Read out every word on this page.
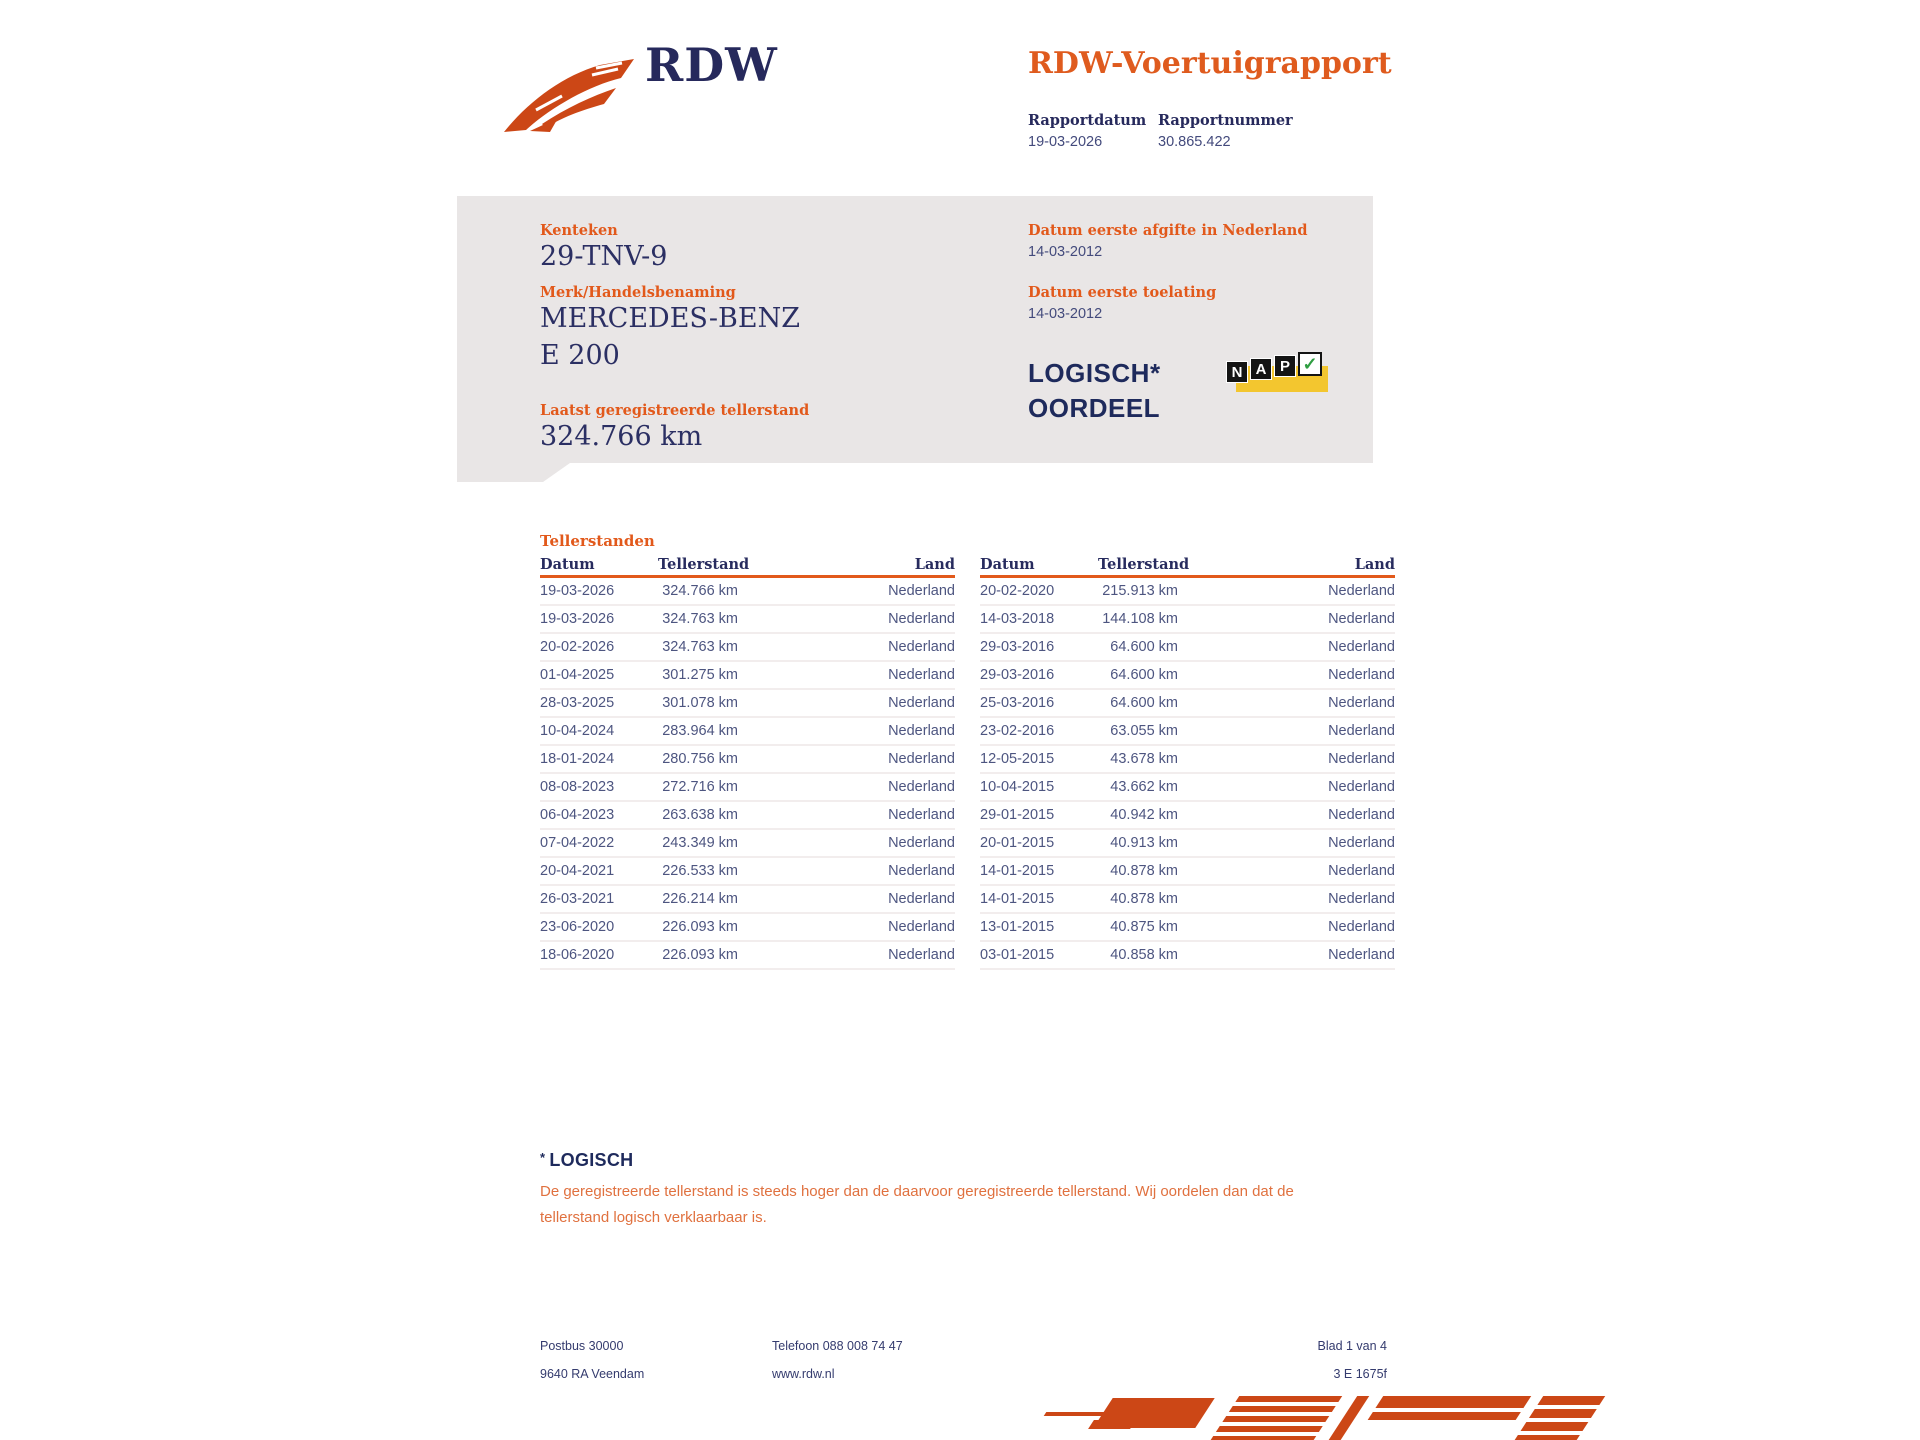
RDW	RDW-Voertuigrapport
Rapportdatum Rapportnummer
19-03-2026	30.865.422
Kenteken
29-TNV-9
Merk/Handelsbenaming
MERCEDES-BENZ E 200
Laatst geregistreerde tellerstand
324.766 km
Datum eerste afgifte in Nederland
14-03-2012
Datum eerste toelating
14-03-2012
LOGISCH*
OORDEEL
N A P ✓
Tellerstanden
Datum	Tellerstand	Land
19-03-2026	324.766 km	Nederland
19-03-2026	324.763 km	Nederland
20-02-2026	324.763 km	Nederland
01-04-2025	301.275 km	Nederland
28-03-2025	301.078 km	Nederland
10-04-2024	283.964 km	Nederland
18-01-2024	280.756 km	Nederland
08-08-2023	272.716 km	Nederland
06-04-2023	263.638 km	Nederland
07-04-2022	243.349 km	Nederland
20-04-2021	226.533 km	Nederland
26-03-2021	226.214 km	Nederland
23-06-2020	226.093 km	Nederland
18-06-2020	226.093 km	Nederland
Datum	Tellerstand	Land
20-02-2020	215.913 km	Nederland
14-03-2018	144.108 km	Nederland
29-03-2016	64.600 km	Nederland
29-03-2016	64.600 km	Nederland
25-03-2016	64.600 km	Nederland
23-02-2016	63.055 km	Nederland
12-05-2015	43.678 km	Nederland
10-04-2015	43.662 km	Nederland
29-01-2015	40.942 km	Nederland
20-01-2015	40.913 km	Nederland
14-01-2015	40.878 km	Nederland
14-01-2015	40.878 km	Nederland
13-01-2015	40.875 km	Nederland
03-01-2015	40.858 km	Nederland
* LOGISCH
De geregistreerde tellerstand is steeds hoger dan de daarvoor geregistreerde tellerstand. Wij oordelen dan dat de tellerstand logisch verklaarbaar is.
Postbus 30000
9640 RA Veendam
Telefoon 088 008 74 47
www.rdw.nl
Blad 1 van 4
3 E 1675f
